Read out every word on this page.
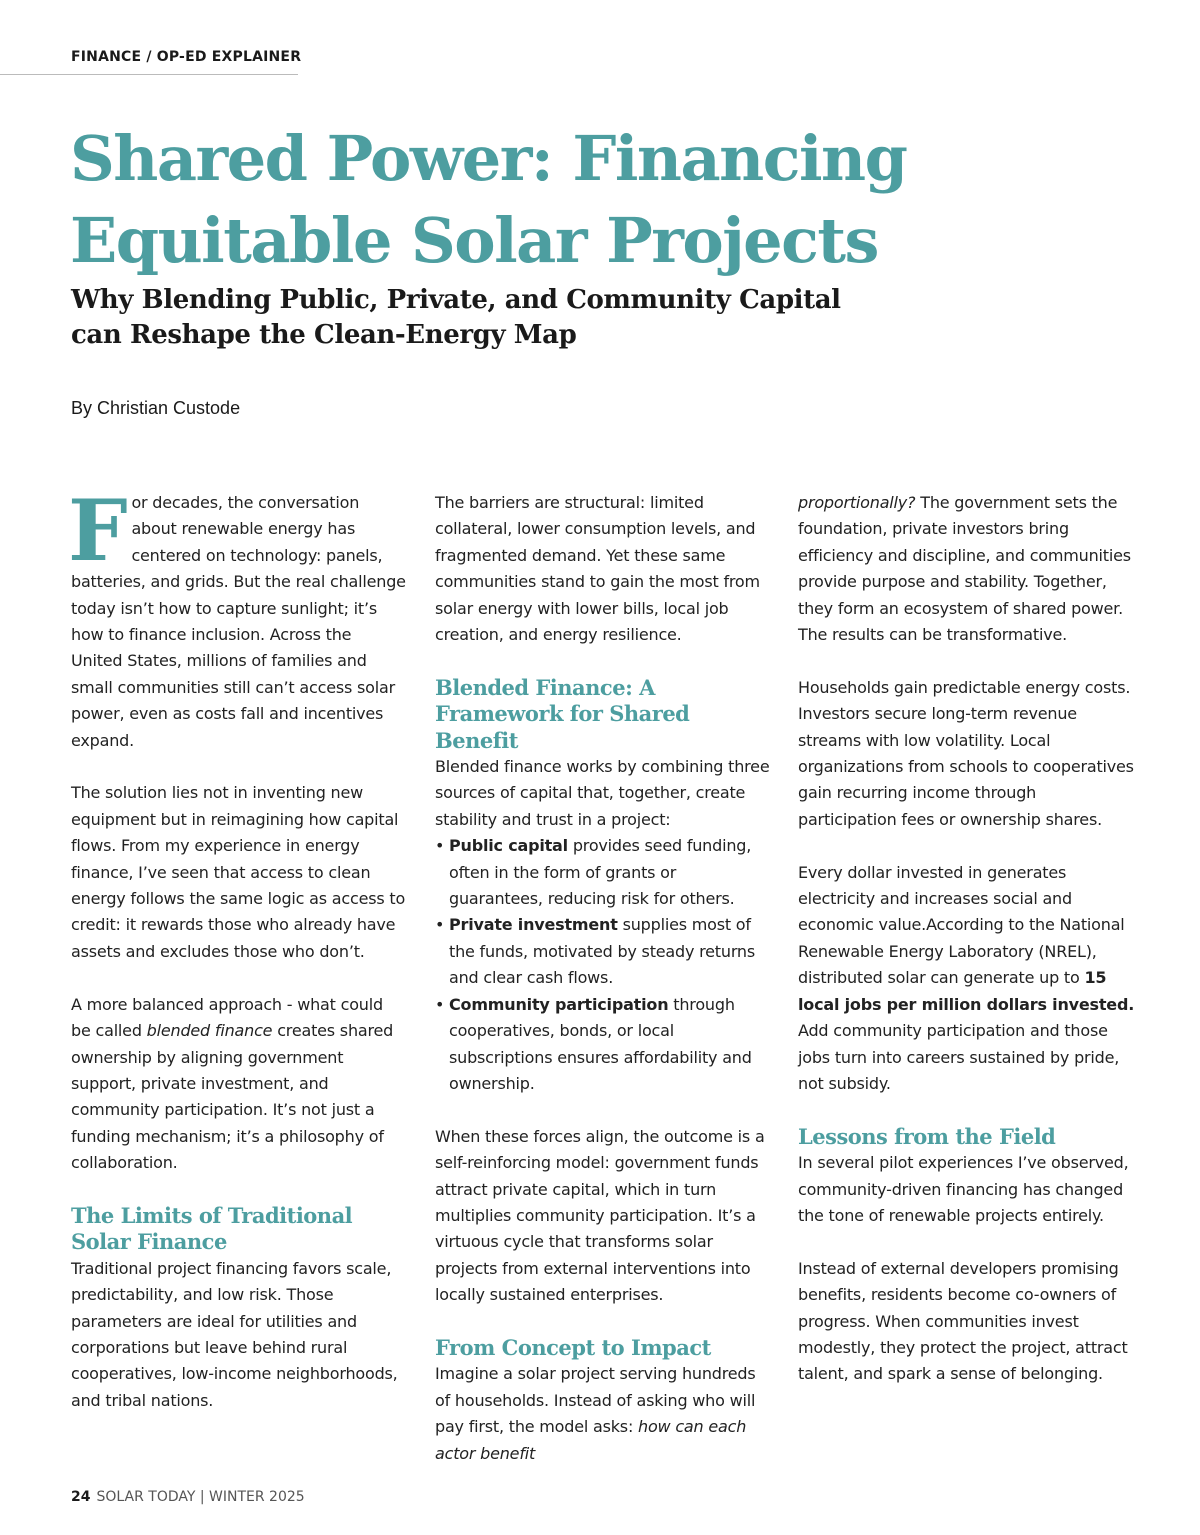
FINANCE / OP-ED EXPLAINER
Shared Power: Financing Equitable Solar Projects
Why Blending Public, Private, and Community Capital
can Reshape the Clean-Energy Map
By Christian Custode

F or decades, the conversation about renewable energy has centered on technology: panels, batteries, and grids. But the real challenge today isn’t how to capture sunlight; it’s how to finance inclusion. Across the United States, millions of families and small communities still can’t access solar power, even as costs fall and incentives expand.

The solution lies not in inventing new equipment but in reimagining how capital flows. From my experience in energy finance, I’ve seen that access to clean energy follows the same logic as access to credit: it rewards those who already have assets and excludes those who don’t.

A more balanced approach - what could be called blended finance creates shared ownership by aligning government support, private investment, and community participation. It’s not just a funding mechanism; it’s a philosophy of collaboration.

The Limits of Traditional Solar Finance

Traditional project financing favors scale, predictability, and low risk. Those parameters are ideal for utilities and corporations but leave behind rural cooperatives, low-income neighborhoods, and tribal nations.

The barriers are structural: limited collateral, lower consumption levels, and fragmented demand. Yet these same communities stand to gain the most from solar energy with lower bills, local job creation, and energy resilience.

Blended Finance: A Framework for Shared Benefit

Blended finance works by combining three sources of capital that, together, create stability and trust in a project:

• Public capital provides seed funding, often in the form of grants or guarantees, reducing risk for others.
• Private investment supplies most of the funds, motivated by steady returns and clear cash flows.
• Community participation through cooperatives, bonds, or local subscriptions ensures affordability and ownership.

When these forces align, the outcome is a self-reinforcing model: government funds attract private capital, which in turn multiplies community participation. It’s a virtuous cycle that transforms solar projects from external interventions into locally sustained enterprises.

From Concept to Impact

Imagine a solar project serving hundreds of households. Instead of asking who will pay first, the model asks: how can each actor benefit

proportionally? The government sets the foundation, private investors bring efficiency and discipline, and communities provide purpose and stability. Together, they form an ecosystem of shared power. The results can be transformative.

Households gain predictable energy costs. Investors secure long-term revenue streams with low volatility. Local organizations from schools to cooperatives gain recurring income through participation fees or ownership shares.

Every dollar invested in generates electricity and increases social and economic value.According to the National Renewable Energy Laboratory (NREL), distributed solar can generate up to 15 local jobs per million dollars invested. Add community participation and those jobs turn into careers sustained by pride, not subsidy.

Lessons from the Field

In several pilot experiences I’ve observed, community-driven financing has changed the tone of renewable projects entirely.

Instead of external developers promising benefits, residents become co-owners of progress. When communities invest modestly, they protect the project, attract talent, and spark a sense of belonging.

24 SOLAR TODAY | WINTER 2025
